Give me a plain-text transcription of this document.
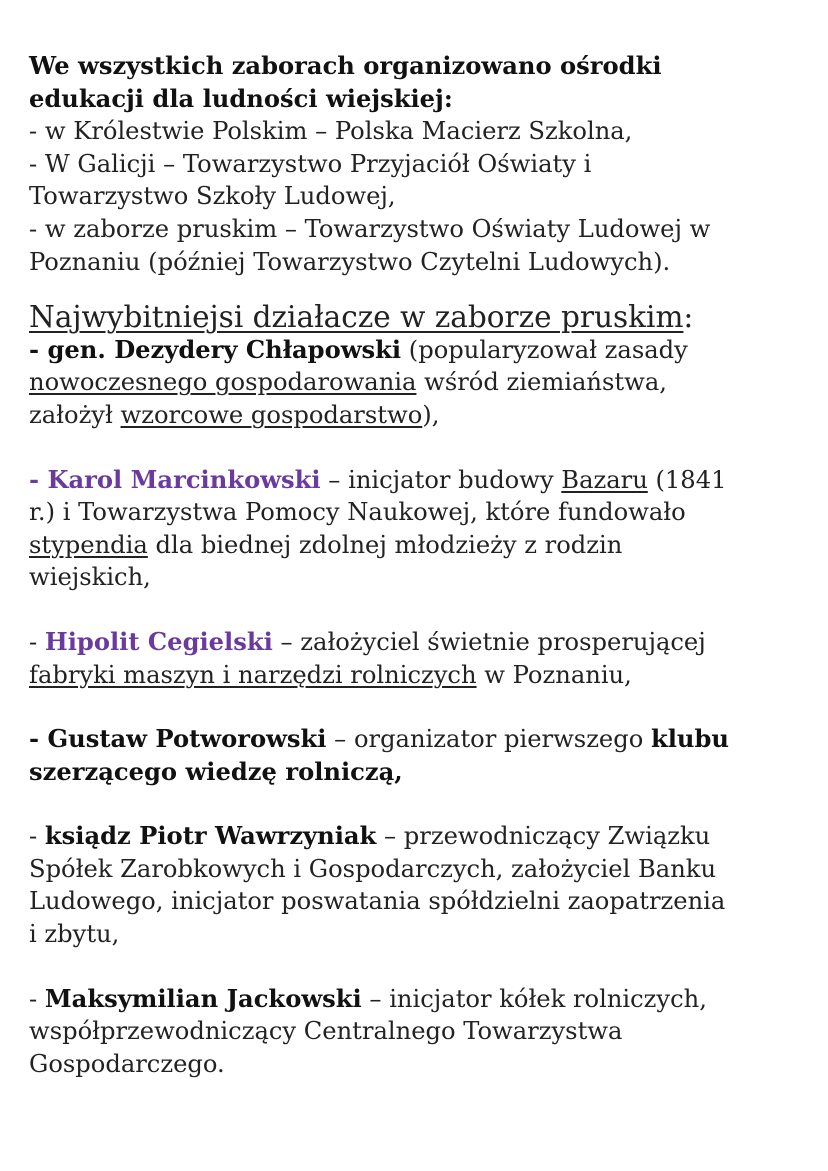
We wszystkich zaborach organizowano ośrodki
edukacji dla ludności wiejskiej:
- w Królestwie Polskim – Polska Macierz Szkolna,
- W Galicji – Towarzystwo Przyjaciół Oświaty i
Towarzystwo Szkoły Ludowej,
- w zaborze pruskim – Towarzystwo Oświaty Ludowej w
Poznaniu (później Towarzystwo Czytelni Ludowych).

Najwybitniejsi działacze w zaborze pruskim:

- gen. Dezydery Chłapowski (popularyzował zasady
nowoczesnego gospodarowania wśród ziemiaństwa,
założył wzorcowe gospodarstwo),

- Karol Marcinkowski – inicjator budowy Bazaru (1841
r.) i Towarzystwa Pomocy Naukowej, które fundowało
stypendia dla biednej zdolnej młodzieży z rodzin
wiejskich,

- Hipolit Cegielski – założyciel świetnie prosperującej
fabryki maszyn i narzędzi rolniczych w Poznaniu,

- Gustaw Potworowski – organizator pierwszego klubu
szerzącego wiedzę rolniczą,

- ksiądz Piotr Wawrzyniak – przewodniczący Związku
Spółek Zarobkowych i Gospodarczych, założyciel Banku
Ludowego, inicjator poswatania spółdzielni zaopatrzenia
i zbytu,

- Maksymilian Jackowski – inicjator kółek rolniczych,
współprzewodniczący Centralnego Towarzystwa
Gospodarczego.
